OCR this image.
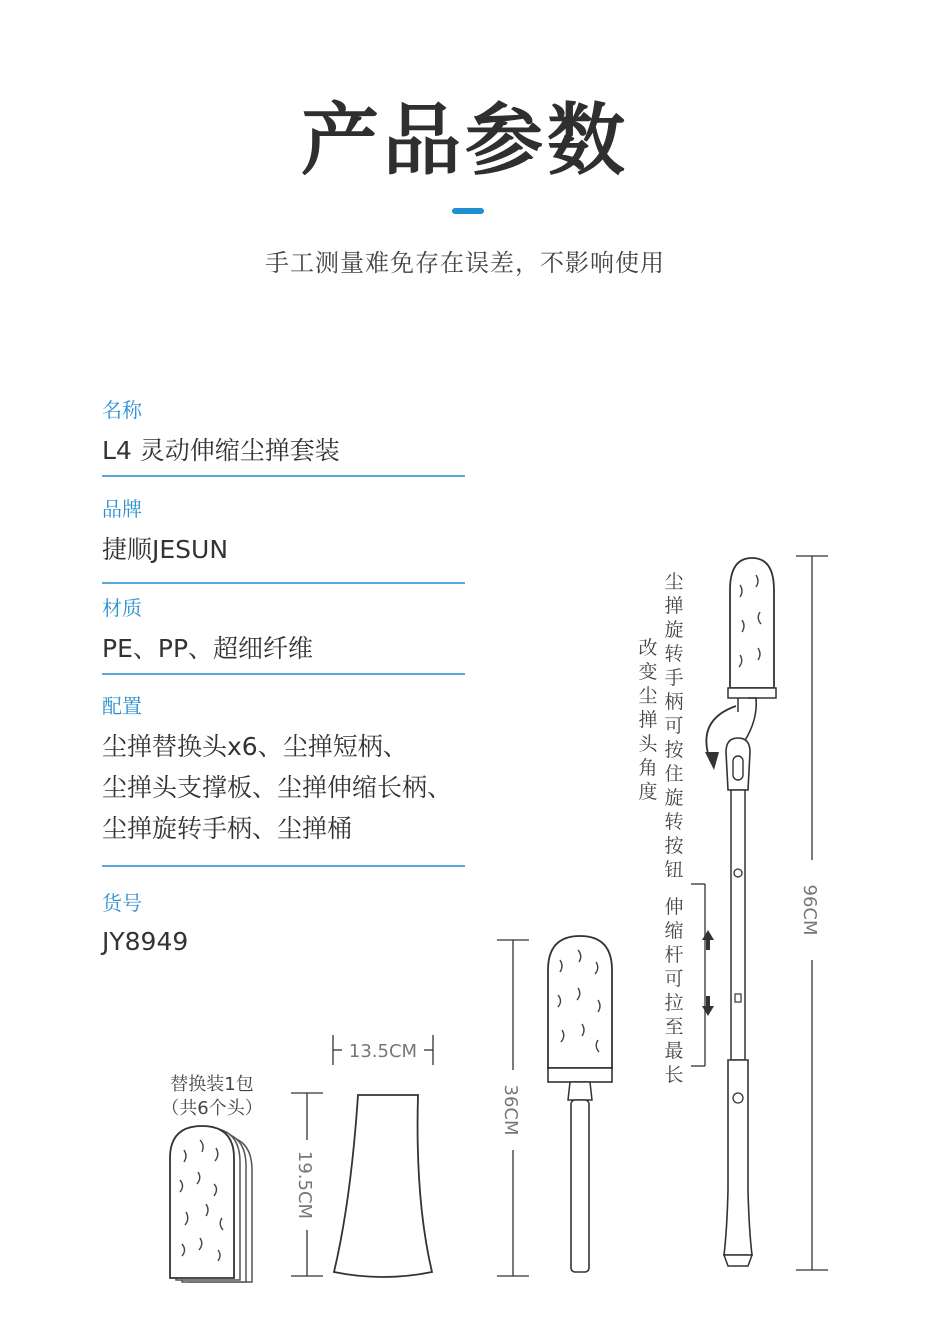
产品参数
手工测量难免存在误差，不影响使用
名称
L4 灵动伸缩尘掸套装
品牌
捷顺JESUN
材质
PE、PP、超细纤维
配置
尘掸替换头x6、尘掸短柄、
尘掸头支撑板、尘掸伸缩长柄、
尘掸旋转手柄、尘掸桶
货号
JY8949
尘掸旋转手柄可按住旋转按钮
改变尘掸头角度
伸缩杆可拉至最长
替换装1包
（共6个头）
13.5CM
19.5CM
36CM
96CM
